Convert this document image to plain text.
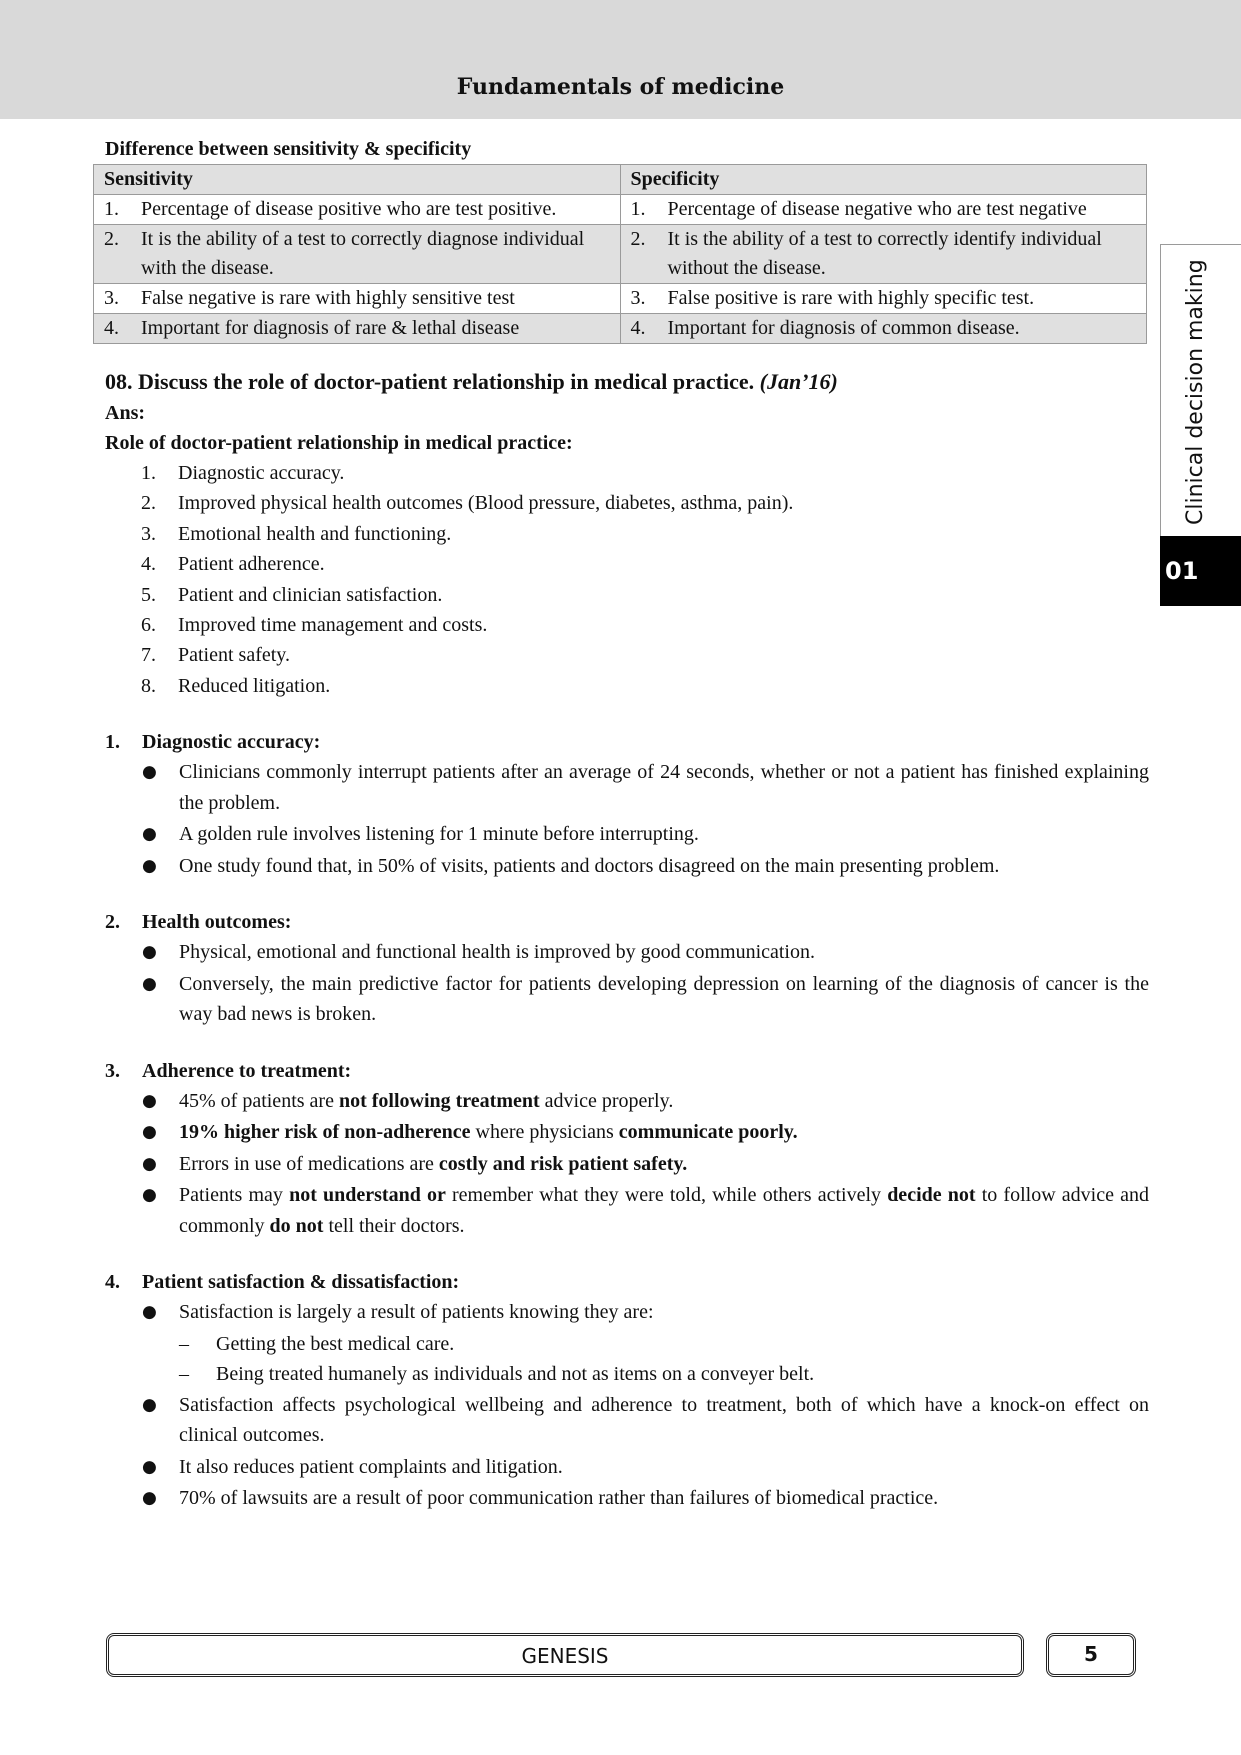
Fundamentals of medicine
Clinical decision making
01
Difference between sensitivity & specificity
Sensitivity	Specificity

1. Percentage of disease positive who are test positive.	1. Percentage of disease negative who are test negative

2. It is the ability of a test to correctly diagnose individual with the disease.	2. It is the ability of a test to correctly identify individual without the disease.

3. False negative is rare with highly sensitive test	3. False positive is rare with highly specific test.

4. Important for diagnosis of rare & lethal disease	4. Important for diagnosis of common disease.
08. Discuss the role of doctor-patient relationship in medical practice. (Jan’16)
Ans:
Role of doctor-patient relationship in medical practice:
1.	Diagnostic accuracy.
2.	Improved physical health outcomes (Blood pressure, diabetes, asthma, pain).
3.	Emotional health and functioning.
4.	Patient adherence.
5.	Patient and clinician satisfaction.
6.	Improved time management and costs.
7.	Patient safety.
8.	Reduced litigation.
1.	Diagnostic accuracy:
●	Clinicians commonly interrupt patients after an average of 24 seconds, whether or not a patient has finished explaining the problem.
●	A golden rule involves listening for 1 minute before interrupting.
●	One study found that, in 50% of visits, patients and doctors disagreed on the main presenting problem.
2.	Health outcomes:
●	Physical, emotional and functional health is improved by good communication.
●	Conversely, the main predictive factor for patients developing depression on learning of the diagnosis of cancer is the way bad news is broken.
3.	Adherence to treatment:
●	45% of patients are not following treatment advice properly.
●	19% higher risk of non-adherence where physicians communicate poorly.
●	Errors in use of medications are costly and risk patient safety.
●	Patients may not understand or remember what they were told, while others actively decide not to follow advice and commonly do not tell their doctors.
4.	Patient satisfaction & dissatisfaction:
●	Satisfaction is largely a result of patients knowing they are:
–	Getting the best medical care.
–	Being treated humanely as individuals and not as items on a conveyer belt.
●	Satisfaction affects psychological wellbeing and adherence to treatment, both of which have a knock-on effect on clinical outcomes.
●	It also reduces patient complaints and litigation.
●	70% of lawsuits are a result of poor communication rather than failures of biomedical practice.
GENESIS	5
